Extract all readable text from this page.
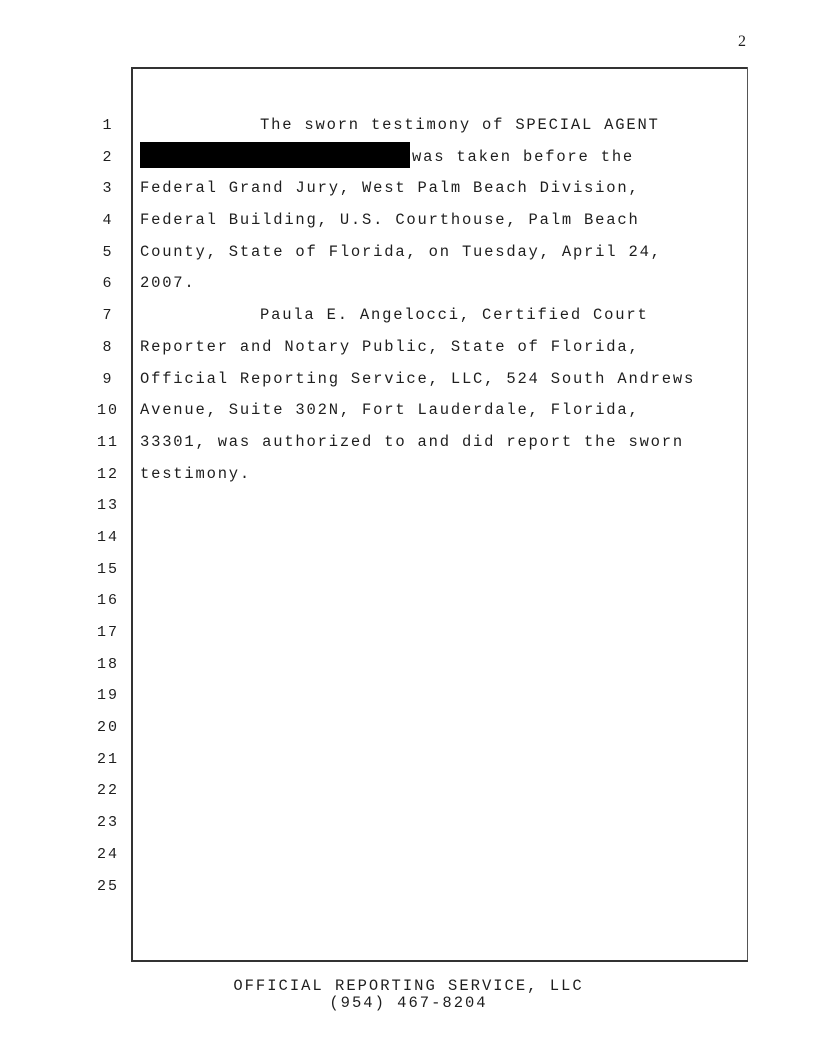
2
1
2
3
4
5
6
7
8
9
10
11
12
13
14
15
16
17
18
19
20
21
22
23
24
25
The sworn testimony of SPECIAL AGENT
was taken before the
Federal Grand Jury, West Palm Beach Division,
Federal Building, U.S. Courthouse, Palm Beach
County, State of Florida, on Tuesday, April 24,
2007.
Paula E. Angelocci, Certified Court
Reporter and Notary Public, State of Florida,
Official Reporting Service, LLC, 524 South Andrews
Avenue, Suite 302N, Fort Lauderdale, Florida,
33301, was authorized to and did report the sworn
testimony.
OFFICIAL REPORTING SERVICE, LLC
(954) 467-8204
